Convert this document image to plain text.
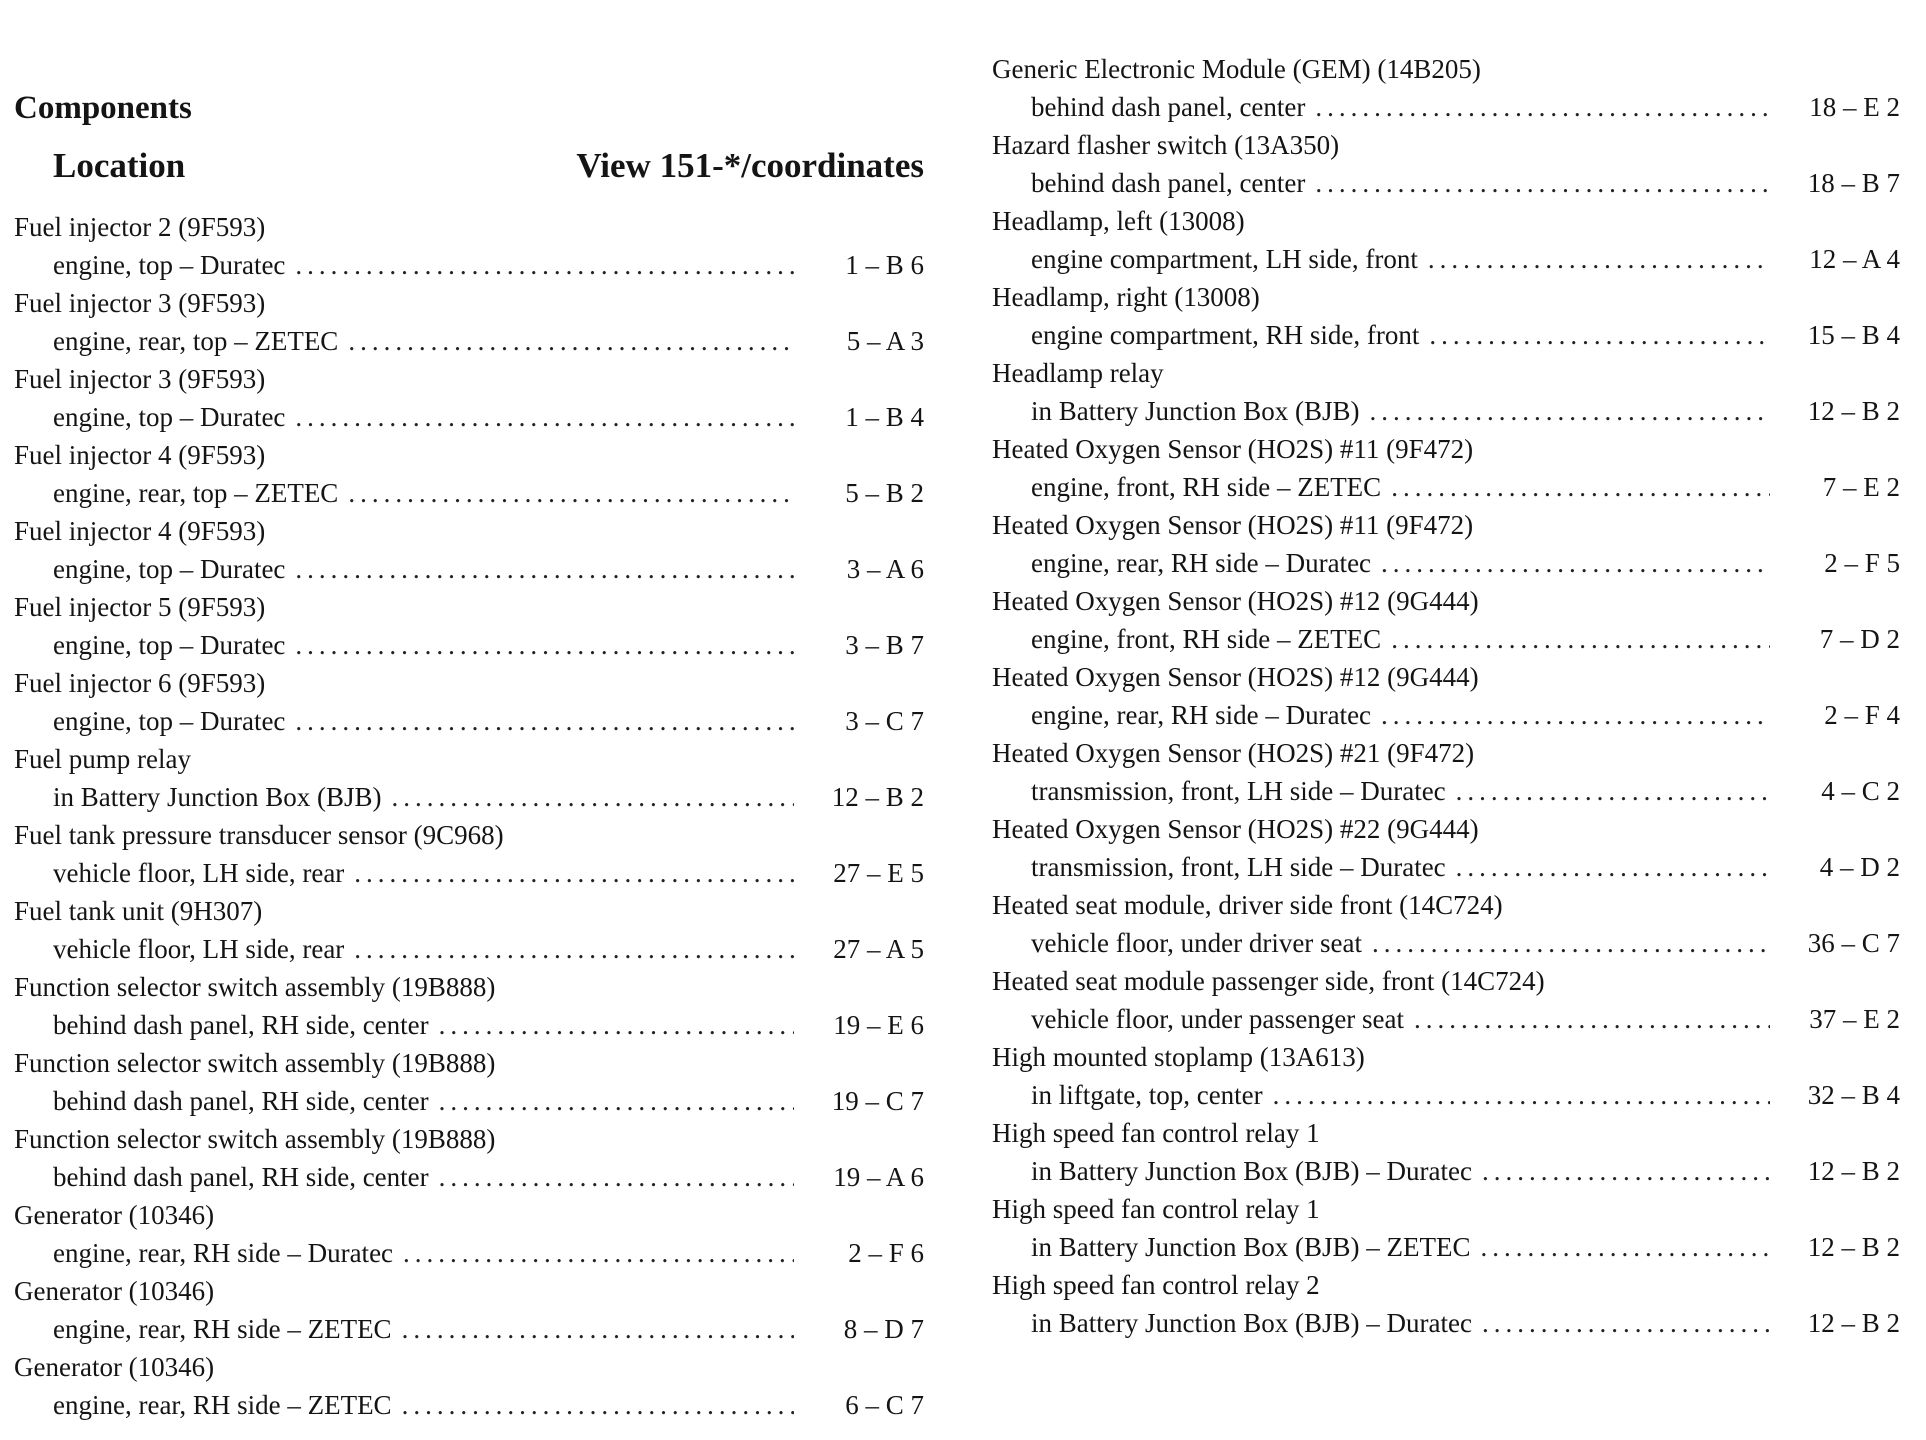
Components
Location	View 151-*/coordinates
Fuel injector 2 (9F593)
engine, top – Duratec .....	1 – B 6
Fuel injector 3 (9F593)
engine, rear, top – ZETEC .....	5 – A 3
Fuel injector 3 (9F593)
engine, top – Duratec .....	1 – B 4
Fuel injector 4 (9F593)
engine, rear, top – ZETEC .....	5 – B 2
Fuel injector 4 (9F593)
engine, top – Duratec .....	3 – A 6
Fuel injector 5 (9F593)
engine, top – Duratec .....	3 – B 7
Fuel injector 6 (9F593)
engine, top – Duratec .....	3 – C 7
Fuel pump relay
in Battery Junction Box (BJB) .....	12 – B 2
Fuel tank pressure transducer sensor (9C968)
vehicle floor, LH side, rear .....	27 – E 5
Fuel tank unit (9H307)
vehicle floor, LH side, rear .....	27 – A 5
Function selector switch assembly (19B888)
behind dash panel, RH side, center .....	19 – E 6
Function selector switch assembly (19B888)
behind dash panel, RH side, center .....	19 – C 7
Function selector switch assembly (19B888)
behind dash panel, RH side, center .....	19 – A 6
Generator (10346)
engine, rear, RH side – Duratec .....	2 – F 6
Generator (10346)
engine, rear, RH side – ZETEC .....	8 – D 7
Generator (10346)
engine, rear, RH side – ZETEC .....	6 – C 7
Generic Electronic Module (GEM) (14B205)
behind dash panel, center .....	18 – E 2
Hazard flasher switch (13A350)
behind dash panel, center .....	18 – B 7
Headlamp, left (13008)
engine compartment, LH side, front .....	12 – A 4
Headlamp, right (13008)
engine compartment, RH side, front .....	15 – B 4
Headlamp relay
in Battery Junction Box (BJB) .....	12 – B 2
Heated Oxygen Sensor (HO2S) #11 (9F472)
engine, front, RH side – ZETEC .....	7 – E 2
Heated Oxygen Sensor (HO2S) #11 (9F472)
engine, rear, RH side – Duratec .....	2 – F 5
Heated Oxygen Sensor (HO2S) #12 (9G444)
engine, front, RH side – ZETEC .....	7 – D 2
Heated Oxygen Sensor (HO2S) #12 (9G444)
engine, rear, RH side – Duratec .....	2 – F 4
Heated Oxygen Sensor (HO2S) #21 (9F472)
transmission, front, LH side – Duratec .....	4 – C 2
Heated Oxygen Sensor (HO2S) #22 (9G444)
transmission, front, LH side – Duratec .....	4 – D 2
Heated seat module, driver side front (14C724)
vehicle floor, under driver seat .....	36 – C 7
Heated seat module passenger side, front (14C724)
vehicle floor, under passenger seat .....	37 – E 2
High mounted stoplamp (13A613)
in liftgate, top, center .....	32 – B 4
High speed fan control relay 1
in Battery Junction Box (BJB) – Duratec .....	12 – B 2
High speed fan control relay 1
in Battery Junction Box (BJB) – ZETEC .....	12 – B 2
High speed fan control relay 2
in Battery Junction Box (BJB) – Duratec .....	12 – B 2
